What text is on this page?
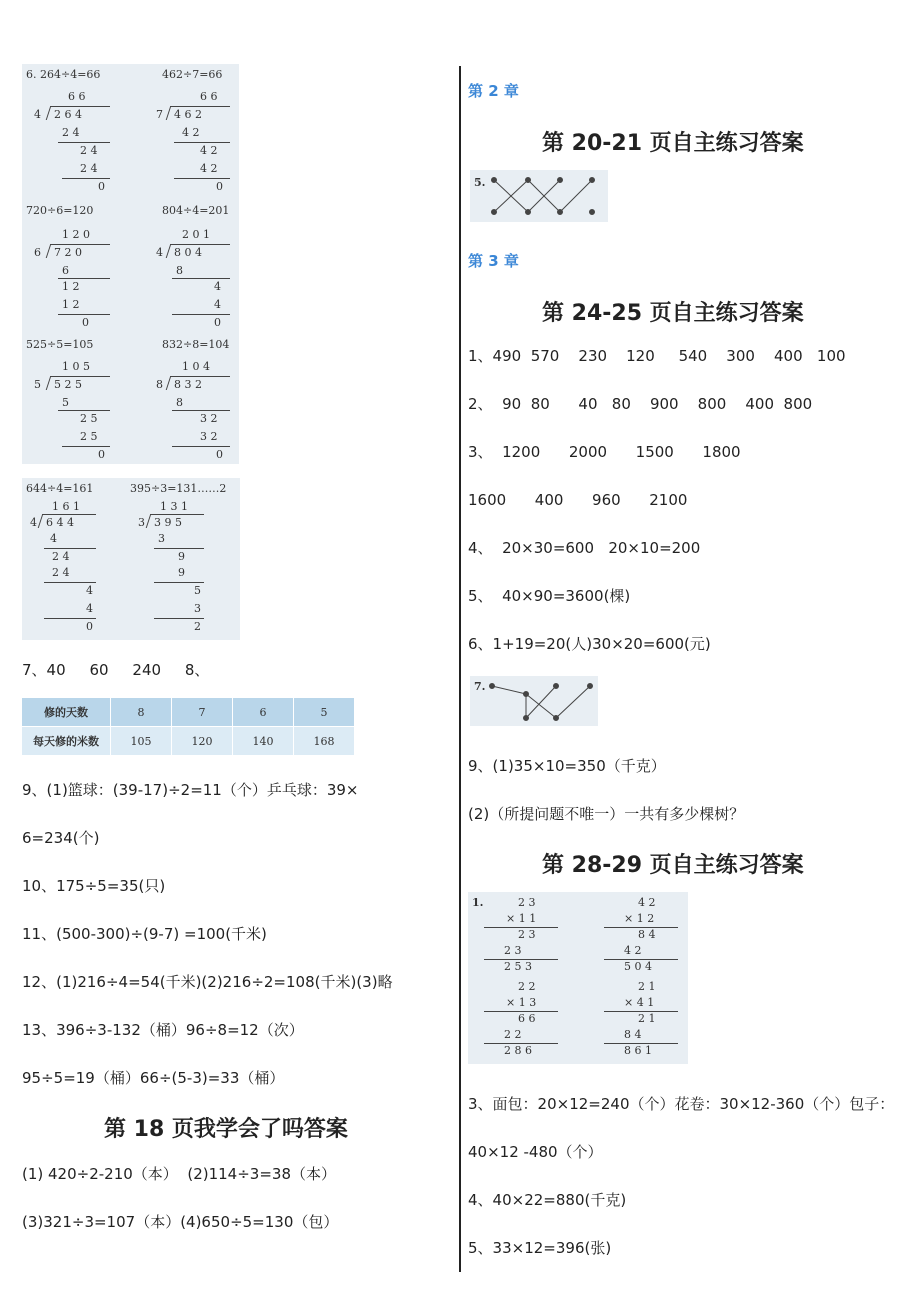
6. 264÷4=66
6 6
4 2 6 4
2 4
2 4
2 4
0
462÷7=66
6 6
7 4 6 2
4 2
4 2
4 2
0
720÷6=120
1 2 0
6 7 2 0
6
1 2
1 2
0
804÷4=201
2 0 1
4 8 0 4
8
4
4
0
525÷5=105
1 0 5
5 5 2 5
5
2 5
2 5
0
832÷8=104
1 0 4
8 8 3 2
8
3 2
3 2
0
644÷4=161
1 6 1
4 6 4 4
4
2 4
2 4
4
4
0
395÷3=131……2
1 3 1
3 3 9 5
3
9
9
5
3
2
7、40     60     240     8、
修的天数	8	7	6	5
每天修的米数	105	120	140	168
9、(1)篮球：(39-17)÷2=11（个）乒乓球：39×
6=234(个)
10、175÷5=35(只)
11、(500-300)÷(9-7) =100(千米)
12、(1)216÷4=54(千米)(2)216÷2=108(千米)(3)略
13、396÷3-132（桶）96÷8=12（次）
95÷5=19（桶）66÷(5-3)=33（桶）
第 18 页我学会了吗答案
(1) 420÷2-210（本）  (2)114÷3=38（本）
(3)321÷3=107（本）(4)650÷5=130（包）
第 2 章
第 20-21 页自主练习答案
5.
第 3 章
第 24-25 页自主练习答案
1、490  570    230    120     540    300    400   100
2、  90  80      40   80    900    800    400  800
3、  1200      2000      1500      1800
1600      400      960      2100
4、  20×30=600   20×10=200
5、  40×90=3600(棵)
6、1+19=20(人)30×20=600(元)
7.
9、(1)35×10=350（千克）
(2)（所提问题不唯一）一共有多少棵树？
第 28-29 页自主练习答案
1.	2 3
× 1 1
2 3
2 3
2 5 3
4 2
× 1 2
8 4
4 2
5 0 4
2 2
× 1 3
6 6
2 2
2 8 6
2 1
× 4 1
2 1
8 4
8 6 1
3、面包：20×12=240（个）花卷：30×12-360（个）包子：
40×12 -480（个）
4、40×22=880(千克)
5、33×12=396(张)
